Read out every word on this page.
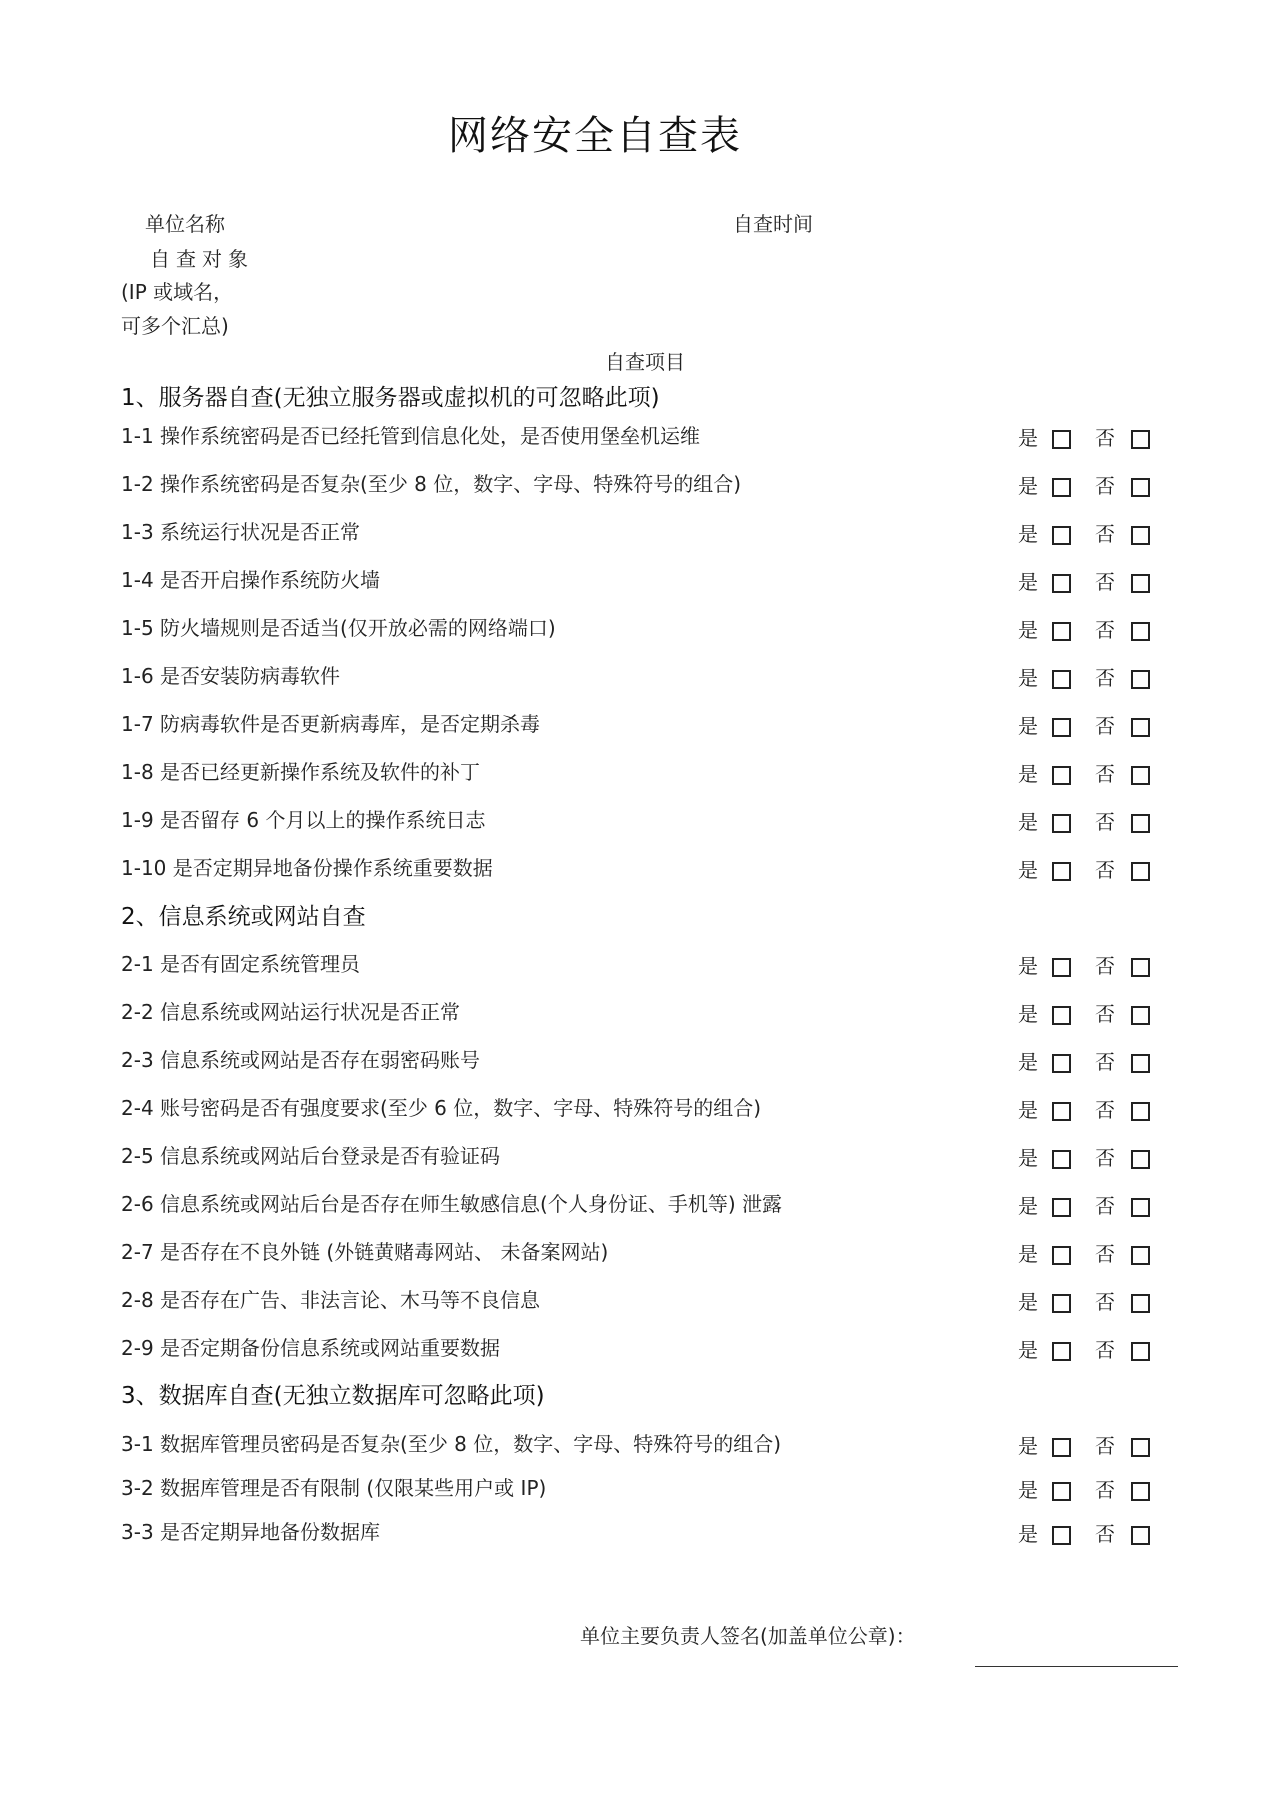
网络安全自查表
单位名称	自查时间
自查对象
(IP 或域名，
可多个汇总)
自查项目
1、服务器自查(无独立服务器或虚拟机的可忽略此项)
1-1 操作系统密码是否已经托管到信息化处，是否使用堡垒机运维	是	否
1-2 操作系统密码是否复杂(至少 8 位，数字、字母、特殊符号的组合)	是	否
1-3 系统运行状况是否正常	是	否
1-4 是否开启操作系统防火墙	是	否
1-5 防火墙规则是否适当(仅开放必需的网络端口)	是	否
1-6 是否安装防病毒软件	是	否
1-7 防病毒软件是否更新病毒库，是否定期杀毒	是	否
1-8 是否已经更新操作系统及软件的补丁	是	否
1-9 是否留存 6 个月以上的操作系统日志	是	否
1-10 是否定期异地备份操作系统重要数据	是	否
2、信息系统或网站自查
2-1 是否有固定系统管理员	是	否
2-2 信息系统或网站运行状况是否正常	是	否
2-3 信息系统或网站是否存在弱密码账号	是	否
2-4 账号密码是否有强度要求(至少 6 位，数字、字母、特殊符号的组合)	是	否
2-5 信息系统或网站后台登录是否有验证码	是	否
2-6 信息系统或网站后台是否存在师生敏感信息(个人身份证、手机等) 泄露	是	否
2-7 是否存在不良外链 (外链黄赌毒网站、 未备案网站)	是	否
2-8 是否存在广告、非法言论、木马等不良信息	是	否
2-9 是否定期备份信息系统或网站重要数据	是	否
3、数据库自查(无独立数据库可忽略此项)
3-1 数据库管理员密码是否复杂(至少 8 位，数字、字母、特殊符号的组合)	是	否
3-2 数据库管理是否有限制 (仅限某些用户或 IP)	是	否
3-3 是否定期异地备份数据库	是	否
单位主要负责人签名(加盖单位公章)：
